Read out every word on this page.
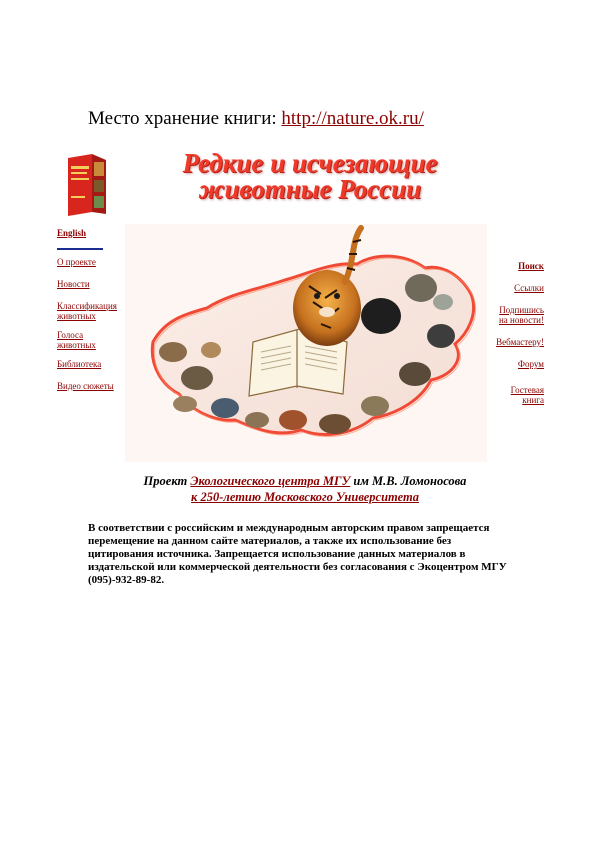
Место хранение книги: http://nature.ok.ru/
Редкие и исчезающие
животные России
English
О проекте
Новости
Классификация
животных
Голоса
животных
Библиотека
Видео сюжеты
Поиск
Ссылки
Подпишись
на новости!
Вебмастеру!
Форум
Гостевая
книга
Проект Экологического центра МГУ им М.В. Ломоносова
к 250-летию Московского Университета
В соответствии с российским и международным авторским правом запрещается перемещение на данном сайте материалов, а также их использование без цитирования источника. Запрещается использование данных материалов в издательской или коммерческой деятельности без согласования с Экоцентром МГУ (095)-932-89-82.
